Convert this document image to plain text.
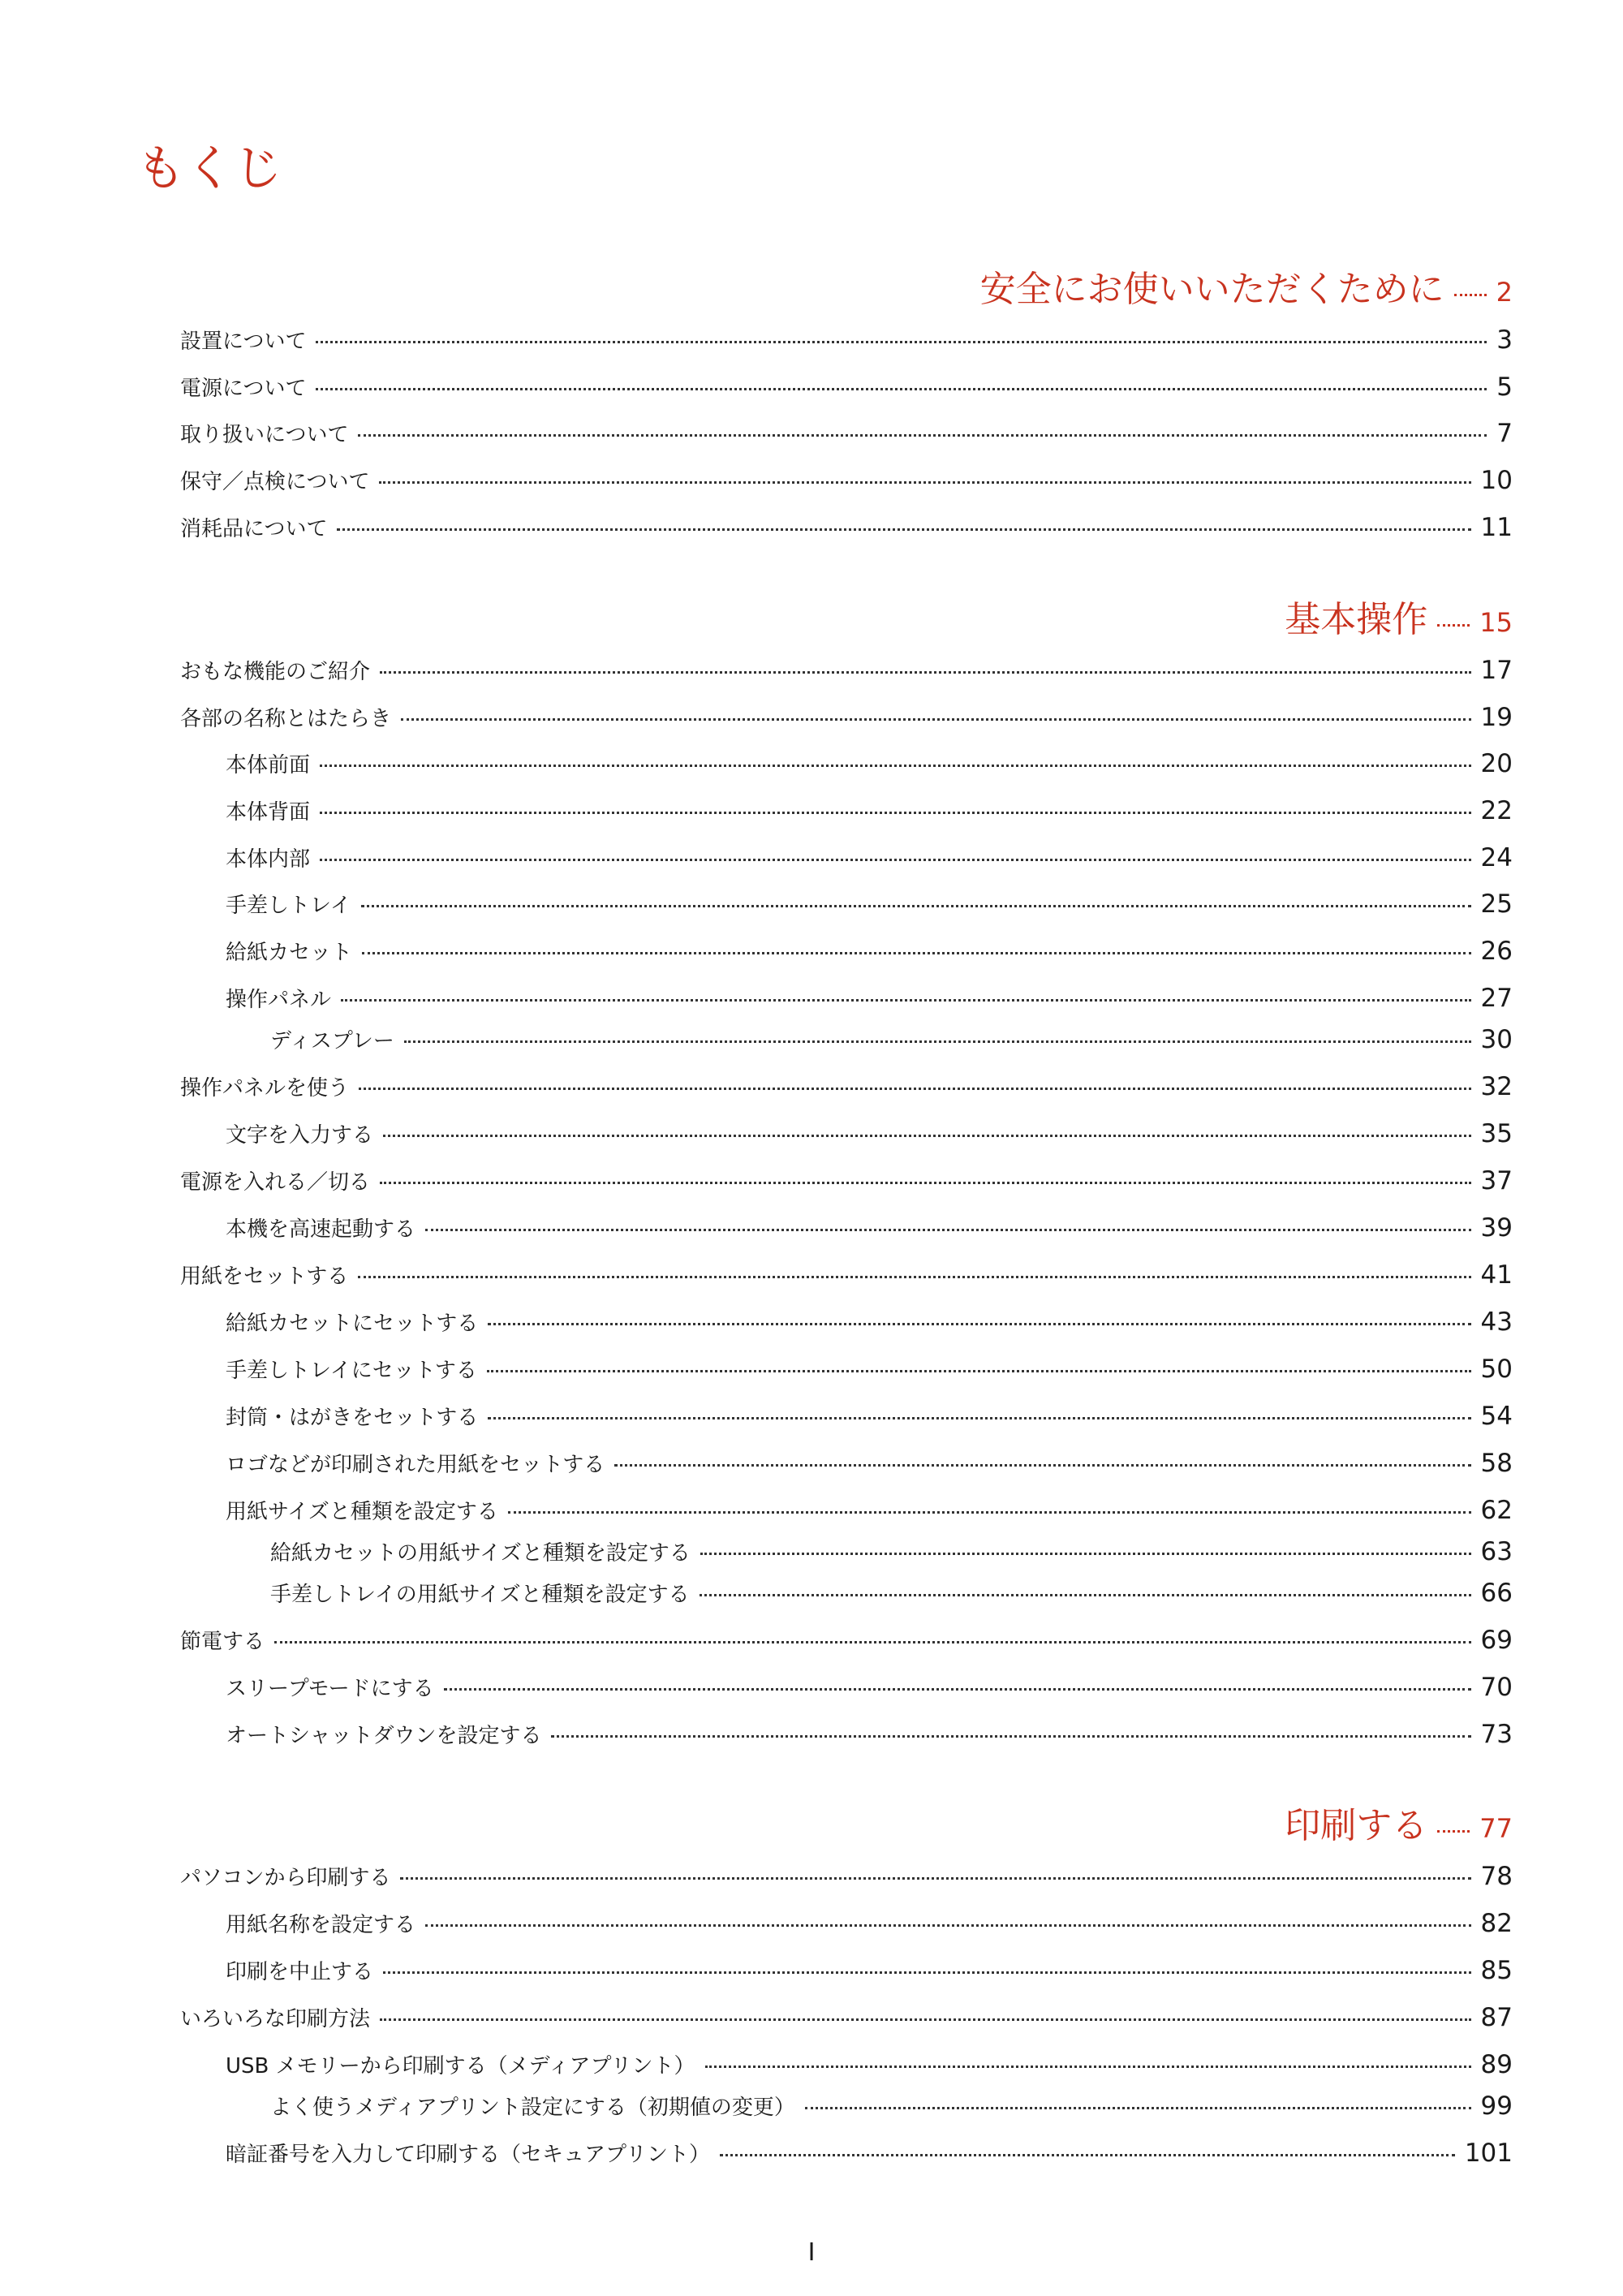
もくじ
安全にお使いいただくために 2
設置について	3
電源について	5
取り扱いについて	7
保守／点検について	10
消耗品について	11
基本操作 15
おもな機能のご紹介	17
各部の名称とはたらき	19
本体前面	20
本体背面	22
本体内部	24
手差しトレイ	25
給紙カセット	26
操作パネル	27
ディスプレー	30
操作パネルを使う	32
文字を入力する	35
電源を入れる／切る	37
本機を高速起動する	39
用紙をセットする	41
給紙カセットにセットする	43
手差しトレイにセットする	50
封筒・はがきをセットする	54
ロゴなどが印刷された用紙をセットする	58
用紙サイズと種類を設定する	62
給紙カセットの用紙サイズと種類を設定する	63
手差しトレイの用紙サイズと種類を設定する	66
節電する	69
スリープモードにする	70
オートシャットダウンを設定する	73
印刷する 77
パソコンから印刷する	78
用紙名称を設定する	82
印刷を中止する	85
いろいろな印刷方法	87
USB メモリーから印刷する（メディアプリント）	89
よく使うメディアプリント設定にする（初期値の変更）	99
暗証番号を入力して印刷する（セキュアプリント）	101
I
